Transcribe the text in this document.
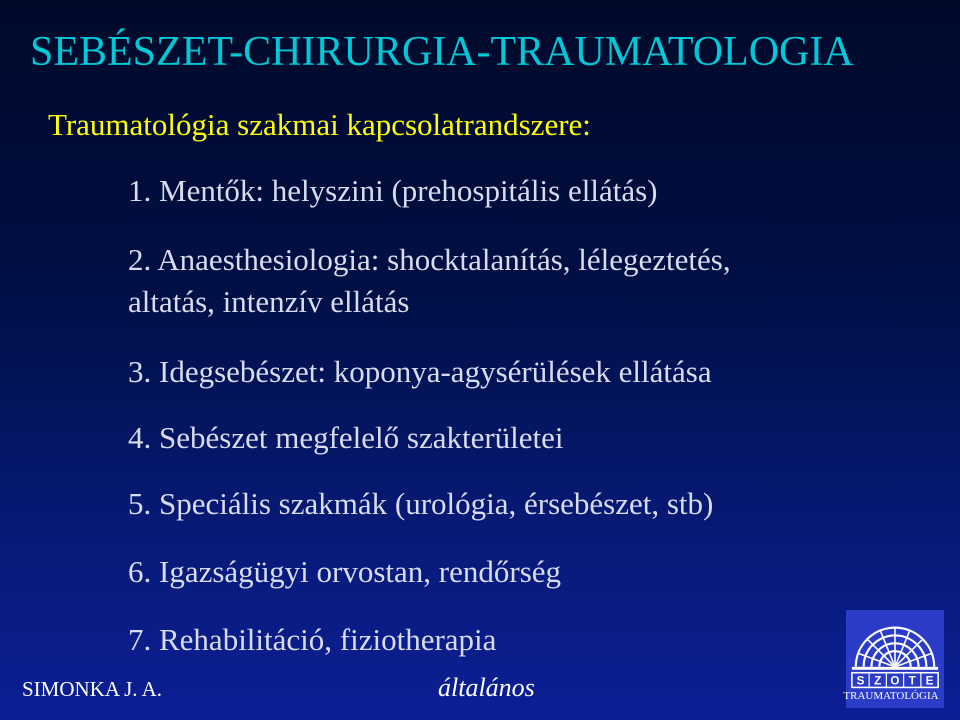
SEBÉSZET-CHIRURGIA-TRAUMATOLOGIA
Traumatológia szakmai kapcsolatrandszere:
1. Mentők: helyszini (prehospitális ellátás)
2. Anaesthesiologia: shocktalanítás, lélegeztetés,
altatás, intenzív ellátás
3. Idegsebészet: koponya-agysérülések ellátása
4. Sebészet megfelelő szakterületei
5. Speciális szakmák (urológia, érsebészet, stb)
6. Igazságügyi orvostan, rendőrség
7. Rehabilitáció, fiziotherapia
SIMONKA J. A.	általános	S Z O T E
TRAUMATOLÓGIA
